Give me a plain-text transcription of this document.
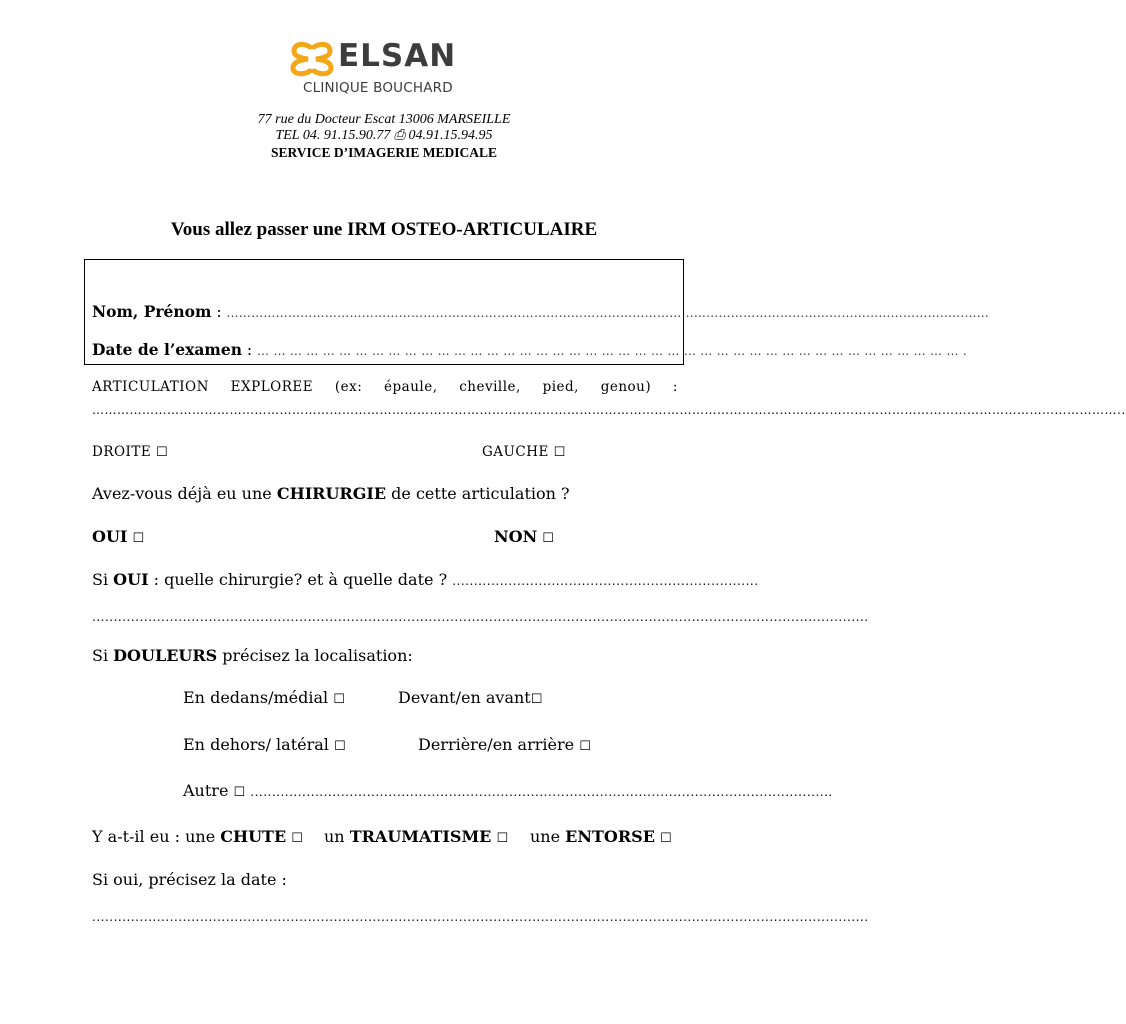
ELSAN
CLINIQUE BOUCHARD
77 rue du Docteur Escat 13006 MARSEILLE
TEL 04. 91.15.90.77 ⎙ 04.91.15.94.95
SERVICE D’IMAGERIE MEDICALE
Vous allez passer une IRM OSTEO-ARTICULAIRE
Nom, Prénom : ……………………………………………………………………………………………………………………………………………………………………
Date de l’examen : … … … … … … … … … … … … … … … … … … … … … … … … … … … … … … … … … … … … … … … … … … … .
ARTICULATION EXPLOREE (ex: épaule, cheville, pied, genou) :
…………………………………………………………………………………………………………………………………………………………………………………………………………………………..
DROITE ☐	GAUCHE ☐
Avez-vous déjà eu une CHIRURGIE de cette articulation ?
OUI ☐	NON ☐
Si OUI : quelle chirurgie? et à quelle date ? .......................................................................
....................................................................................................................................................................................
Si DOULEURS précisez la localisation:
En dedans/médial ☐	Devant/en avant☐
En dehors/ latéral ☐	Derrière/en arrière ☐
Autre ☐ .......................................................................................................................................
Y a-t-il eu : une CHUTE ☐ un TRAUMATISME ☐ une ENTORSE ☐
Si oui, précisez la date :
....................................................................................................................................................................................
